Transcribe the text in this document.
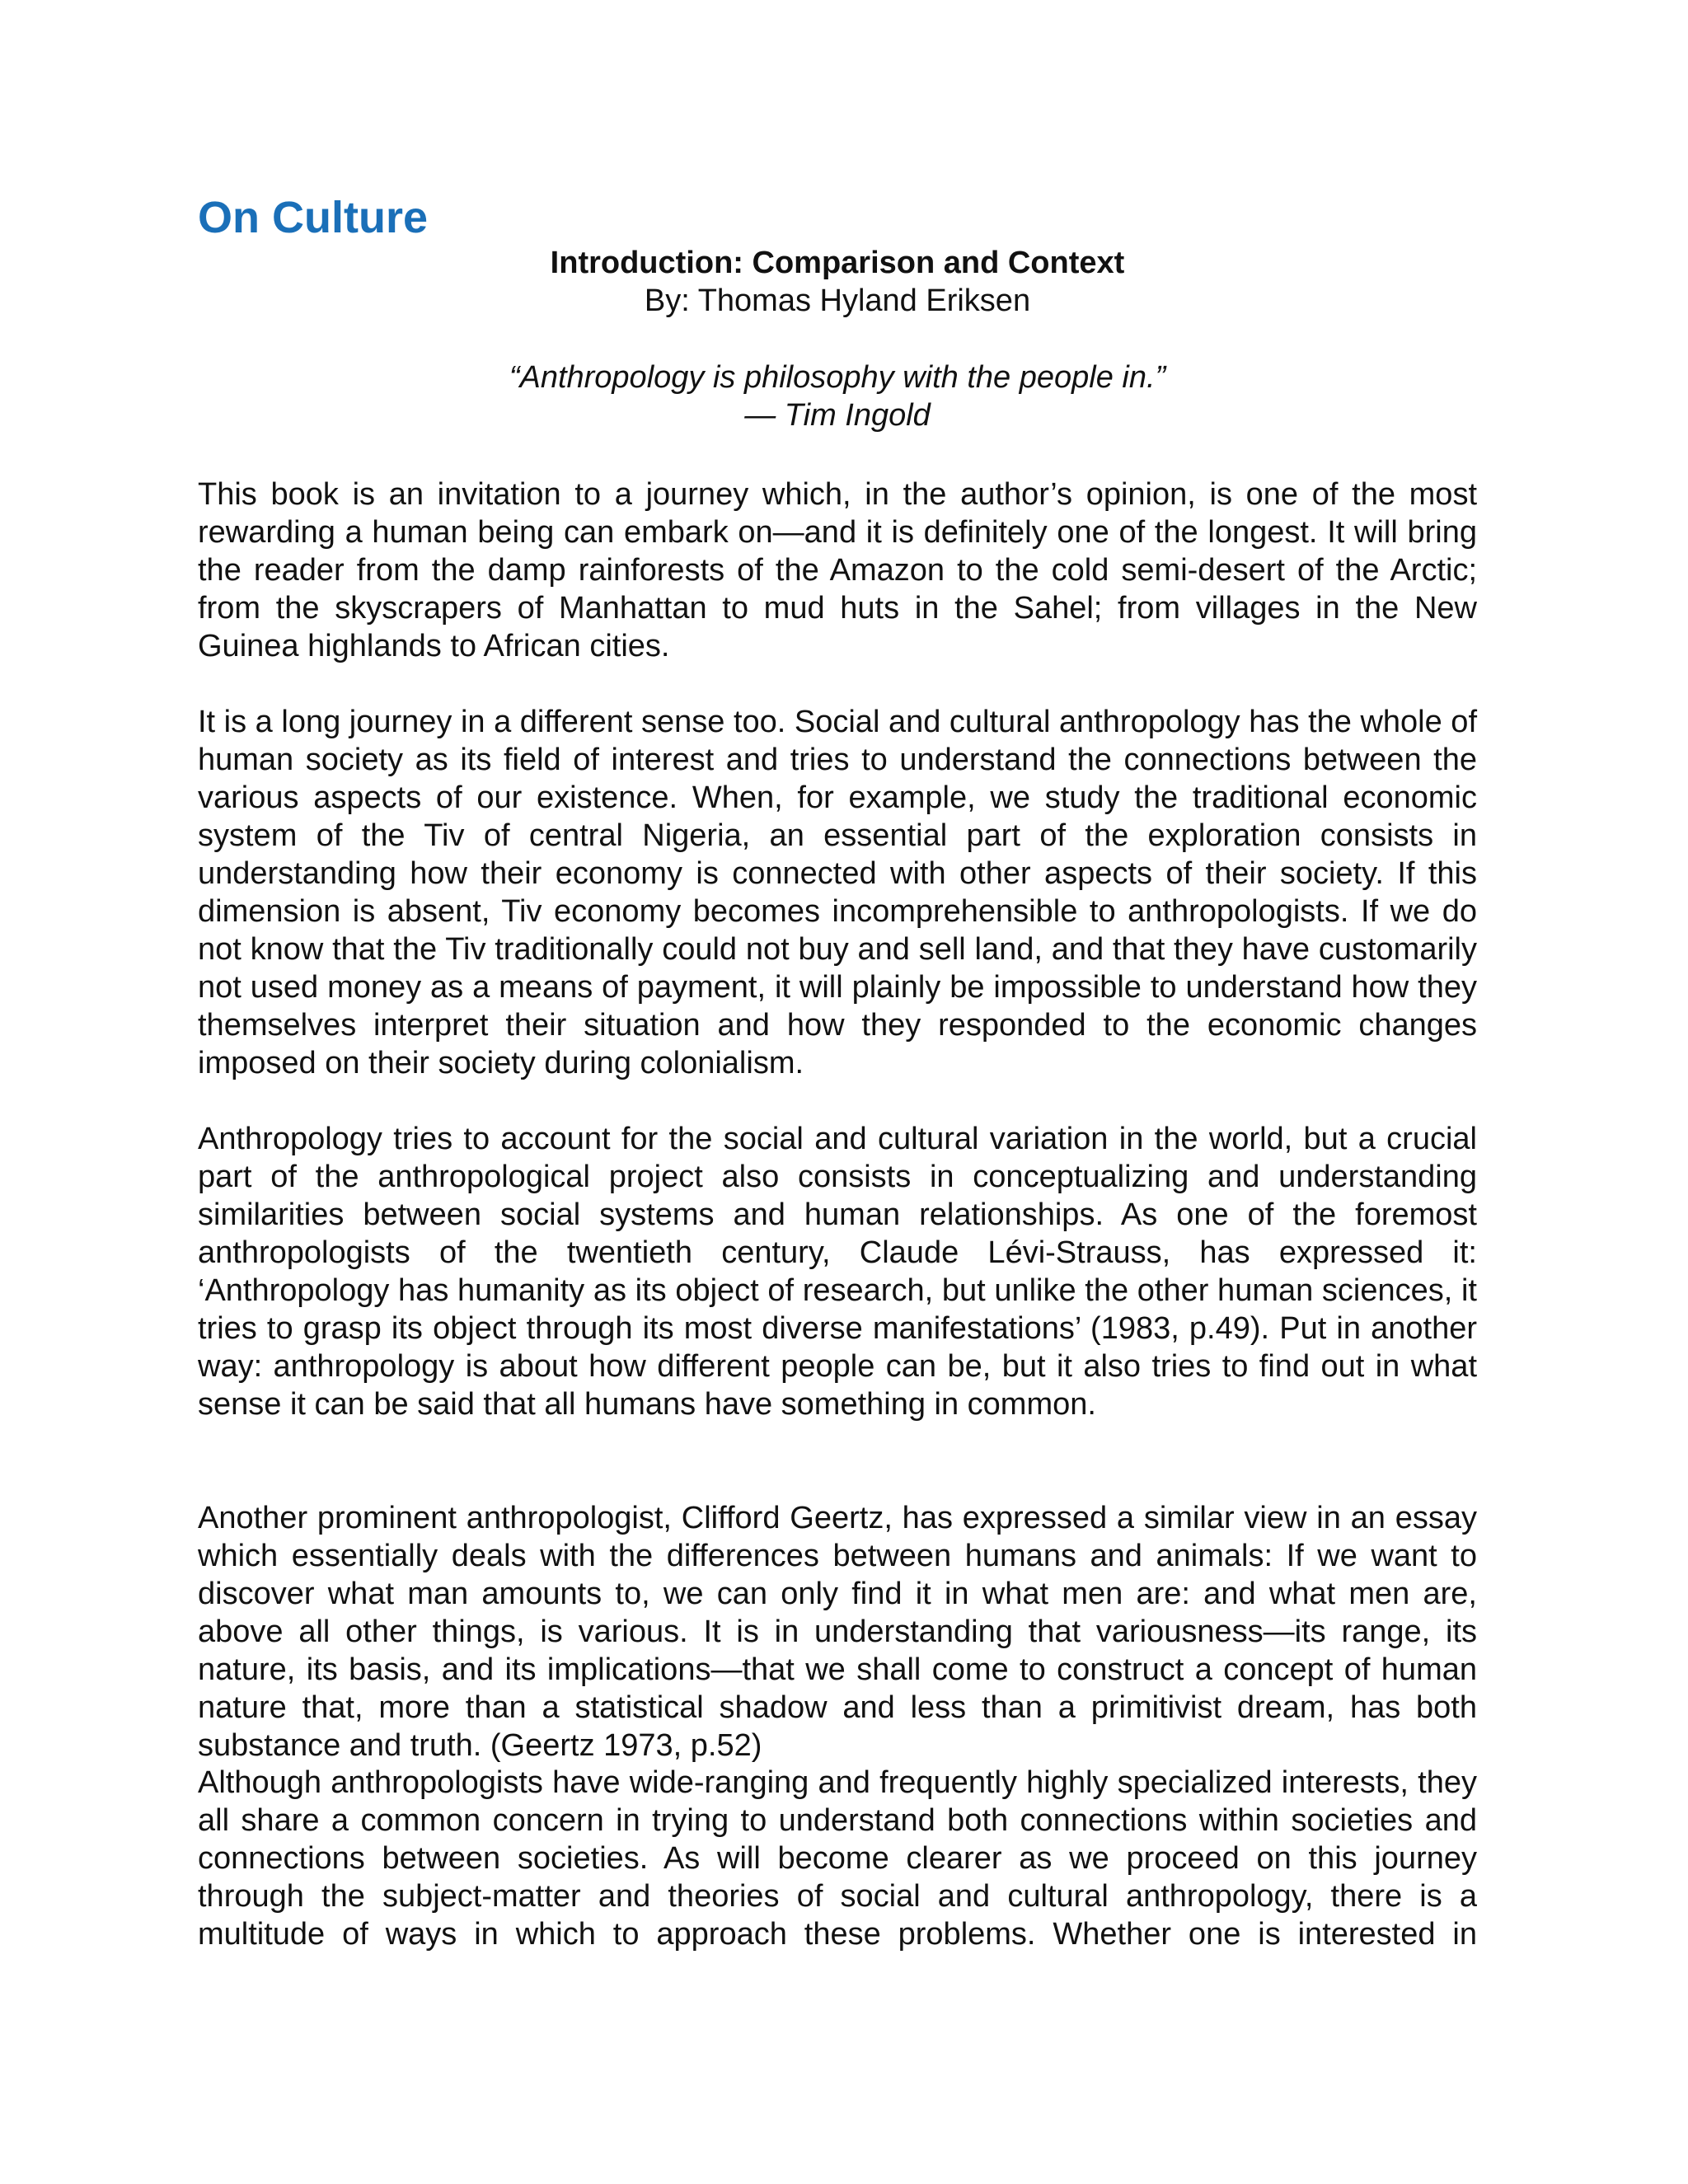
On Culture

Introduction: Comparison and Context

By: Thomas Hyland Eriksen

“Anthropology is philosophy with the people in.”

— Tim Ingold

This book is an invitation to a journey which, in the author’s opinion, is one of the most rewarding a human being can embark on—and it is definitely one of the longest. It will bring the reader from the damp rainforests of the Amazon to the cold semi-desert of the Arctic; from the skyscrapers of Manhattan to mud huts in the Sahel; from villages in the New Guinea highlands to African cities.

It is a long journey in a different sense too. Social and cultural anthropology has the whole of human society as its field of interest and tries to understand the connections between the various aspects of our existence. When, for example, we study the traditional economic system of the Tiv of central Nigeria, an essential part of the exploration consists in understanding how their economy is connected with other aspects of their society. If this dimension is absent, Tiv economy becomes incomprehensible to anthropologists. If we do not know that the Tiv traditionally could not buy and sell land, and that they have customarily not used money as a means of payment, it will plainly be impossible to understand how they themselves interpret their situation and how they responded to the economic changes imposed on their society during colonialism.

Anthropology tries to account for the social and cultural variation in the world, but a crucial part of the anthropological project also consists in conceptualizing and understanding similarities between social systems and human relationships. As one of the foremost anthropologists of the twentieth century, Claude Lévi-Strauss, has expressed it: ‘Anthropology has humanity as its object of research, but unlike the other human sciences, it tries to grasp its object through its most diverse manifestations’ (1983, p.49). Put in another way: anthropology is about how different people can be, but it also tries to find out in what sense it can be said that all humans have something in common.

Another prominent anthropologist, Clifford Geertz, has expressed a similar view in an essay which essentially deals with the differences between humans and animals: If we want to discover what man amounts to, we can only find it in what men are: and what men are, above all other things, is various. It is in understanding that variousness—its range, its nature, its basis, and its implications—that we shall come to construct a concept of human nature that, more than a statistical shadow and less than a primitivist dream, has both substance and truth. (Geertz 1973, p.52)

Although anthropologists have wide-ranging and frequently highly specialized interests, they all share a common concern in trying to understand both connections within societies and connections between societies. As will become clearer as we proceed on this journey through the subject-matter and theories of social and cultural anthropology, there is a multitude of ways in which to approach these problems. Whether one is interested in
